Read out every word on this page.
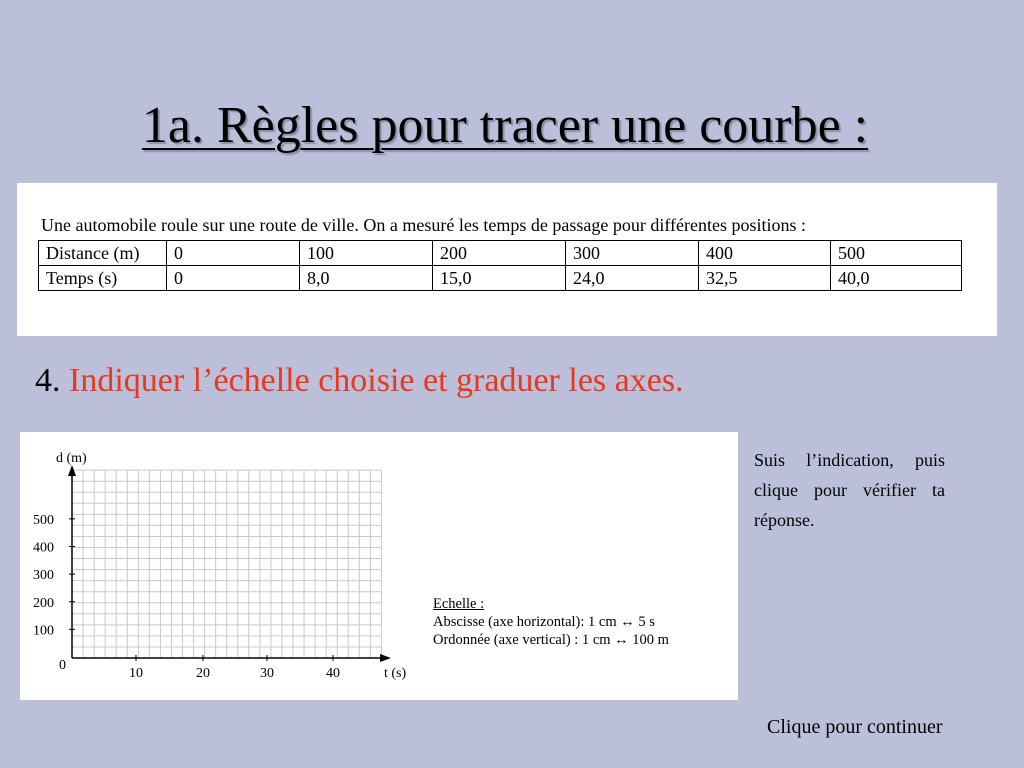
1a. Règles pour tracer une courbe :
Une automobile roule sur une route de ville. On a mesuré les temps de passage pour différentes positions :
Distance (m)	0	100	200	300	400	500
Temps (s)	0	8,0	15,0	24,0	32,5	40,0
4. Indiquer l’échelle choisie et graduer les axes.
d (m)
t (s)
0
100
200
300
400
500
10	20	30	40
Echelle :
Abscisse (axe horizontal): 1 cm ↔ 5 s
Ordonnée (axe vertical) : 1 cm ↔ 100 m
Suis l’indication, puis clique pour vérifier ta réponse.
Clique pour continuer
